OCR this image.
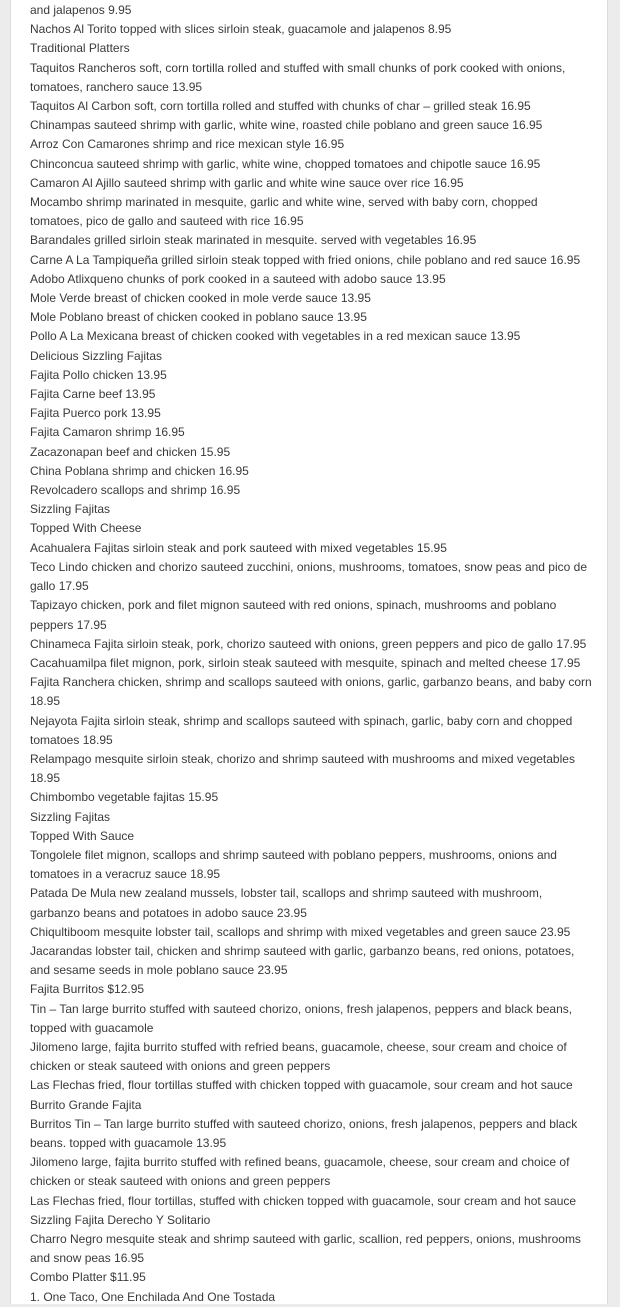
and jalapenos 9.95

Nachos Al Torito topped with slices sirloin steak, guacamole and jalapenos 8.95

Traditional Platters

Taquitos Rancheros soft, corn tortilla rolled and stuffed with small chunks of pork cooked with onions, tomatoes, ranchero sauce 13.95

Taquitos Al Carbon soft, corn tortilla rolled and stuffed with chunks of char – grilled steak 16.95

Chinampas sauteed shrimp with garlic, white wine, roasted chile poblano and green sauce 16.95

Arroz Con Camarones shrimp and rice mexican style 16.95

Chinconcua sauteed shrimp with garlic, white wine, chopped tomatoes and chipotle sauce 16.95

Camaron Al Ajillo sauteed shrimp with garlic and white wine sauce over rice 16.95

Mocambo shrimp marinated in mesquite, garlic and white wine, served with baby corn, chopped tomatoes, pico de gallo and sauteed with rice 16.95

Barandales grilled sirloin steak marinated in mesquite. served with vegetables 16.95

Carne A La Tampiqueña grilled sirloin steak topped with fried onions, chile poblano and red sauce 16.95

Adobo Atlixqueno chunks of pork cooked in a sauteed with adobo sauce 13.95

Mole Verde breast of chicken cooked in mole verde sauce 13.95

Mole Poblano breast of chicken cooked in poblano sauce 13.95

Pollo A La Mexicana breast of chicken cooked with vegetables in a red mexican sauce 13.95

Delicious Sizzling Fajitas

Fajita Pollo chicken 13.95

Fajita Carne beef 13.95

Fajita Puerco pork 13.95

Fajita Camaron shrimp 16.95

Zacazonapan beef and chicken 15.95

China Poblana shrimp and chicken 16.95

Revolcadero scallops and shrimp 16.95

Sizzling Fajitas

Topped With Cheese

Acahualera Fajitas sirloin steak and pork sauteed with mixed vegetables 15.95

Teco Lindo chicken and chorizo sauteed zucchini, onions, mushrooms, tomatoes, snow peas and pico de gallo 17.95

Tapizayo chicken, pork and filet mignon sauteed with red onions, spinach, mushrooms and poblano peppers 17.95

Chinameca Fajita sirloin steak, pork, chorizo sauteed with onions, green peppers and pico de gallo 17.95

Cacahuamilpa filet mignon, pork, sirloin steak sauteed with mesquite, spinach and melted cheese 17.95

Fajita Ranchera chicken, shrimp and scallops sauteed with onions, garlic, garbanzo beans, and baby corn 18.95

Nejayota Fajita sirloin steak, shrimp and scallops sauteed with spinach, garlic, baby corn and chopped tomatoes 18.95

Relampago mesquite sirloin steak, chorizo and shrimp sauteed with mushrooms and mixed vegetables 18.95

Chimbombo vegetable fajitas 15.95

Sizzling Fajitas

Topped With Sauce

Tongolele filet mignon, scallops and shrimp sauteed with poblano peppers, mushrooms, onions and tomatoes in a veracruz sauce 18.95

Patada De Mula new zealand mussels, lobster tail, scallops and shrimp sauteed with mushroom, garbanzo beans and potatoes in adobo sauce 23.95

Chiqultiboom mesquite lobster tail, scallops and shrimp with mixed vegetables and green sauce 23.95

Jacarandas lobster tail, chicken and shrimp sauteed with garlic, garbanzo beans, red onions, potatoes, and sesame seeds in mole poblano sauce 23.95

Fajita Burritos $12.95

Tin – Tan large burrito stuffed with sauteed chorizo, onions, fresh jalapenos, peppers and black beans, topped with guacamole

Jilomeno large, fajita burrito stuffed with refried beans, guacamole, cheese, sour cream and choice of chicken or steak sauteed with onions and green peppers

Las Flechas fried, flour tortillas stuffed with chicken topped with guacamole, sour cream and hot sauce

Burrito Grande Fajita

Burritos Tin – Tan large burrito stuffed with sauteed chorizo, onions, fresh jalapenos, peppers and black beans. topped with guacamole 13.95

Jilomeno large, fajita burrito stuffed with refined beans, guacamole, cheese, sour cream and choice of chicken or steak sauteed with onions and green peppers

Las Flechas fried, flour tortillas, stuffed with chicken topped with guacamole, sour cream and hot sauce

Sizzling Fajita Derecho Y Solitario

Charro Negro mesquite steak and shrimp sauteed with garlic, scallion, red peppers, onions, mushrooms and snow peas 16.95

Combo Platter $11.95

1. One Taco, One Enchilada And One Tostada
